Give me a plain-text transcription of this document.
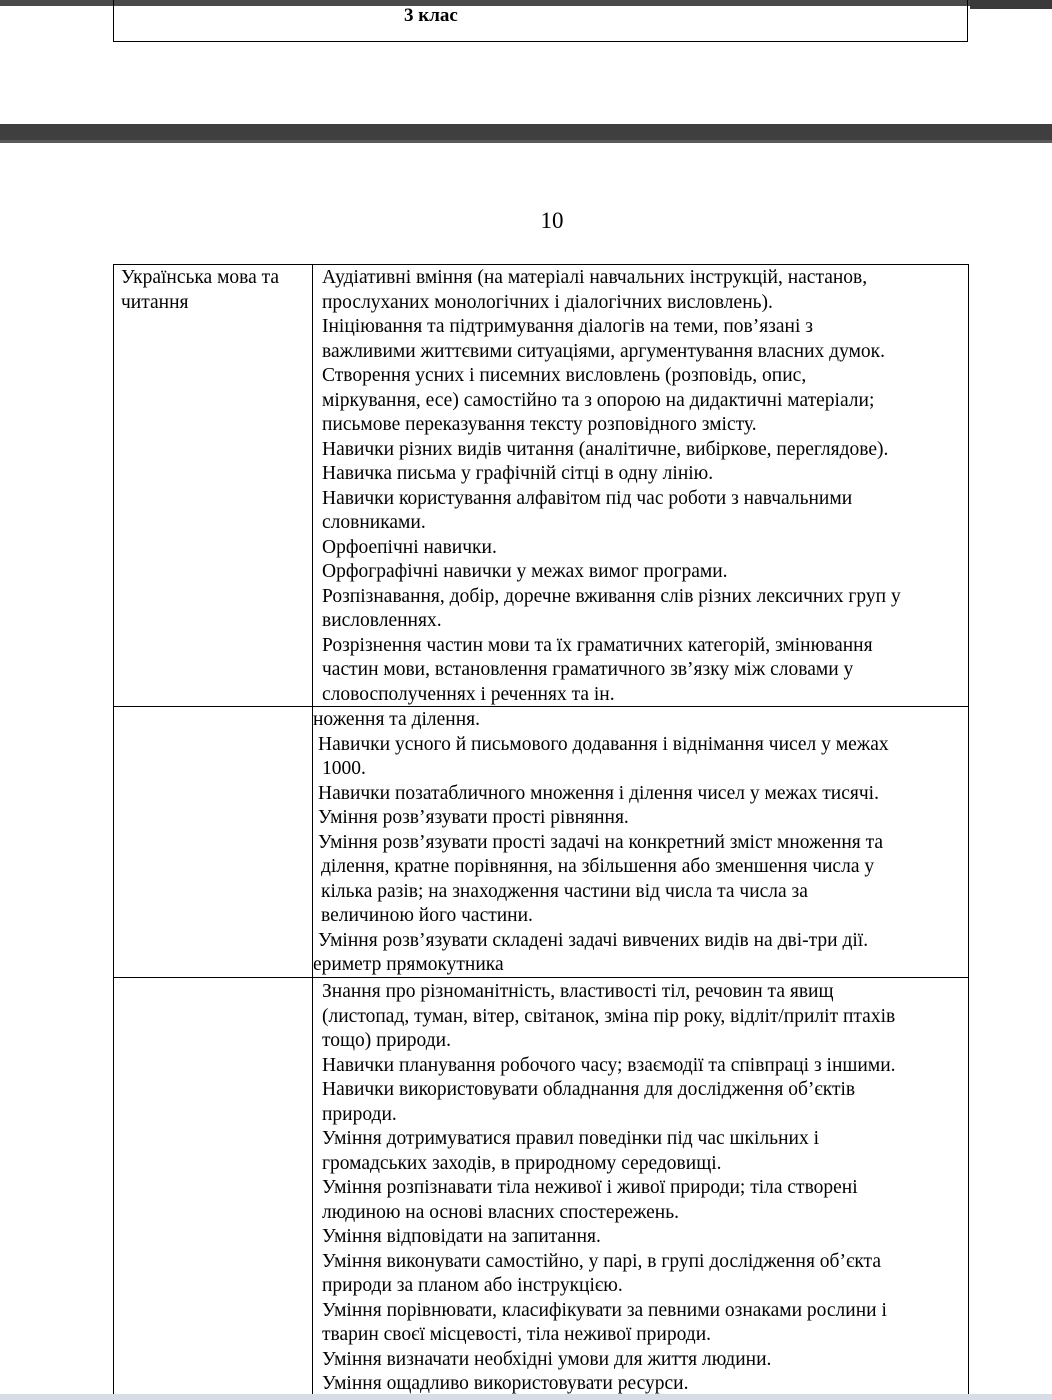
3 клас
10
Українська мова та
читання
Аудіативні вміння (на матеріалі навчальних інструкцій, настанов,
прослуханих монологічних і діалогічних висловлень).
Ініціювання та підтримування діалогів на теми, пов’язані з
важливими життєвими ситуаціями, аргументування власних думок.
Створення усних і писемних висловлень (розповідь, опис,
міркування, есе) самостійно та з опорою на дидактичні матеріали;
письмове переказування тексту розповідного змісту.
Навички різних видів читання (аналітичне, вибіркове, переглядове).
Навичка письма у графічній сітці в одну лінію.
Навички користування алфавітом під час роботи з навчальними
словниками.
Орфоепічні навички.
Орфографічні навички у межах вимог програми.
Розпізнавання, добір, доречне вживання слів різних лексичних груп у
висловленнях.
Розрізнення частин мови та їх граматичних категорій, змінювання
частин мови, встановлення граматичного зв’язку між словами у
словосполученнях і реченнях та ін.
ноження та ділення.
Навички усного й письмового додавання і віднімання чисел у межах
1000.
Навички позатабличного множення і ділення чисел у межах тисячі.
Уміння розв’язувати прості рівняння.
Уміння розв’язувати прості задачі на конкретний зміст множення та
ділення, кратне порівняння, на збільшення або зменшення числа у
кілька разів; на знаходження частини від числа та числа за
величиною його частини.
Уміння розв’язувати складені задачі вивчених видів на дві-три дії.
ериметр прямокутника
Знання про різноманітність, властивості тіл, речовин та явищ
(листопад, туман, вітер, світанок, зміна пір року, відліт/приліт птахів
тощо) природи.
Навички планування робочого часу; взаємодії та співпраці з іншими.
Навички використовувати обладнання для дослідження об’єктів
природи.
Уміння дотримуватися правил поведінки під час шкільних і
громадських заходів, в природному середовищі.
Уміння розпізнавати тіла неживої і живої природи; тіла створені
людиною на основі власних спостережень.
Уміння відповідати на запитання.
Уміння виконувати самостійно, у парі, в групі дослідження об’єкта
природи за планом або інструкцією.
Уміння порівнювати, класифікувати за певними ознаками рослини і
тварин своєї місцевості, тіла неживої природи.
Уміння визначати необхідні умови для життя людини.
Уміння ощадливо використовувати ресурси.
